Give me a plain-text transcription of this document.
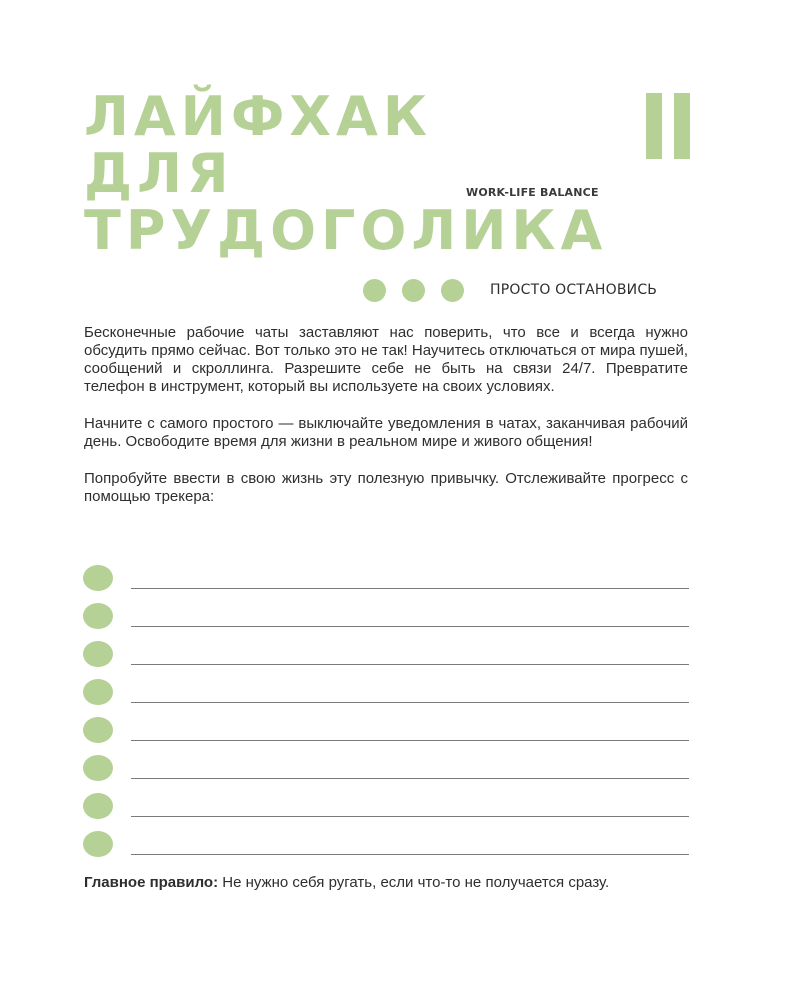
ЛАЙФХАК
ДЛЯ
ТРУДОГОЛИКА
WORK-LIFE BALANCE
ПРОСТО ОСТАНОВИСЬ

Бесконечные рабочие чаты заставляют нас поверить, что все и всегда нужно обсудить прямо сейчас. Вот только это не так! Научитесь отключаться от мира пушей, сообщений и скроллинга. Разрешите себе не быть на связи 24/7. Превратите телефон в инструмент, который вы используете на своих условиях.

Начните с самого простого — выключайте уведомления в чатах, заканчивая рабочий день. Освободите время для жизни в реальном мире и живого общения!

Попробуйте ввести в свою жизнь эту полезную привычку. Отслеживайте прогресс с помощью трекера:

Главное правило: Не нужно себя ругать, если что-то не получается сразу.
